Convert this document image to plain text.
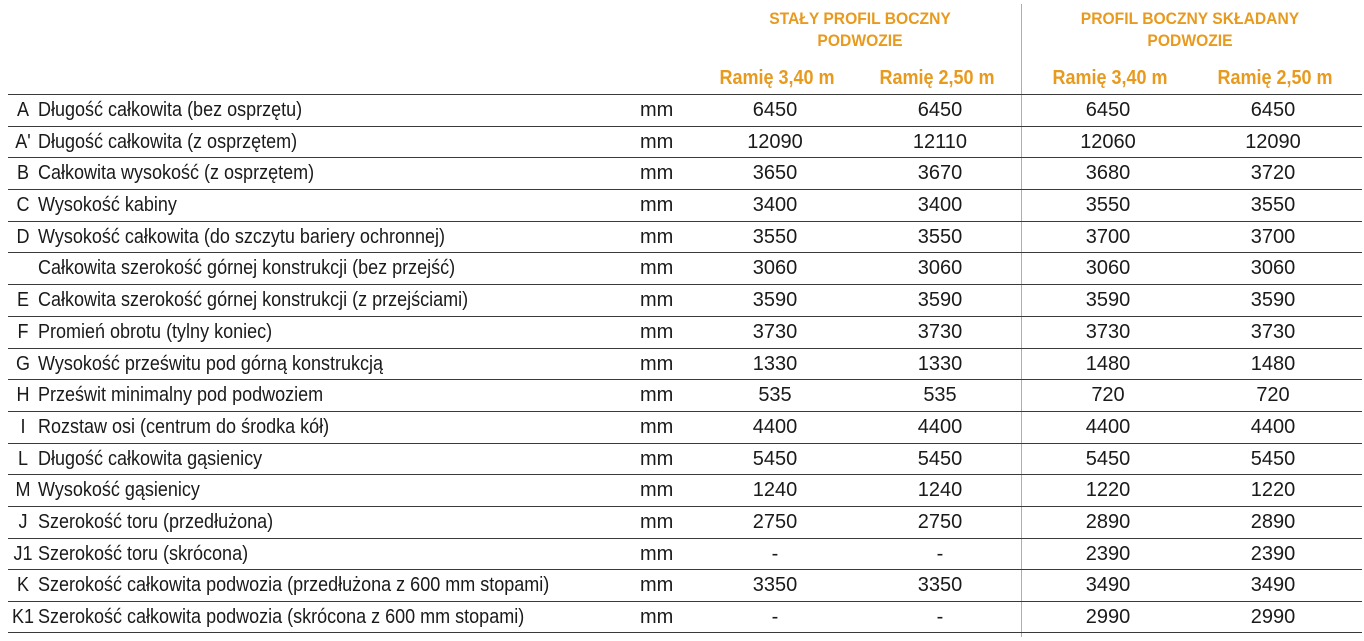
STAŁY PROFIL BOCZNY
PODWOZIE
PROFIL BOCZNY SKŁADANY
PODWOZIE
Ramię 3,40 m	Ramię 2,50 m	Ramię 3,40 m	Ramię 2,50 m
A Długość całkowita (bez osprzętu)	mm	6450	6450	6450	6450
A' Długość całkowita (z osprzętem)	mm	12090	12110	12060	12090
B Całkowita wysokość (z osprzętem)	mm	3650	3670	3680	3720
C Wysokość kabiny	mm	3400	3400	3550	3550
D Wysokość całkowita (do szczytu bariery ochronnej)	mm	3550	3550	3700	3700
Całkowita szerokość górnej konstrukcji (bez przejść)	mm	3060	3060	3060	3060
E Całkowita szerokość górnej konstrukcji (z przejściami)	mm	3590	3590	3590	3590
F Promień obrotu (tylny koniec)	mm	3730	3730	3730	3730
G Wysokość prześwitu pod górną konstrukcją	mm	1330	1330	1480	1480
H Prześwit minimalny pod podwoziem	mm	535	535	720	720
I Rozstaw osi (centrum do środka kół)	mm	4400	4400	4400	4400
L Długość całkowita gąsienicy	mm	5450	5450	5450	5450
M Wysokość gąsienicy	mm	1240	1240	1220	1220
J Szerokość toru (przedłużona)	mm	2750	2750	2890	2890
J1 Szerokość toru (skrócona)	mm	-	-	2390	2390
K Szerokość całkowita podwozia (przedłużona z 600 mm stopami)	mm	3350	3350	3490	3490
K1 Szerokość całkowita podwozia (skrócona z 600 mm stopami)	mm	-	-	2990	2990
